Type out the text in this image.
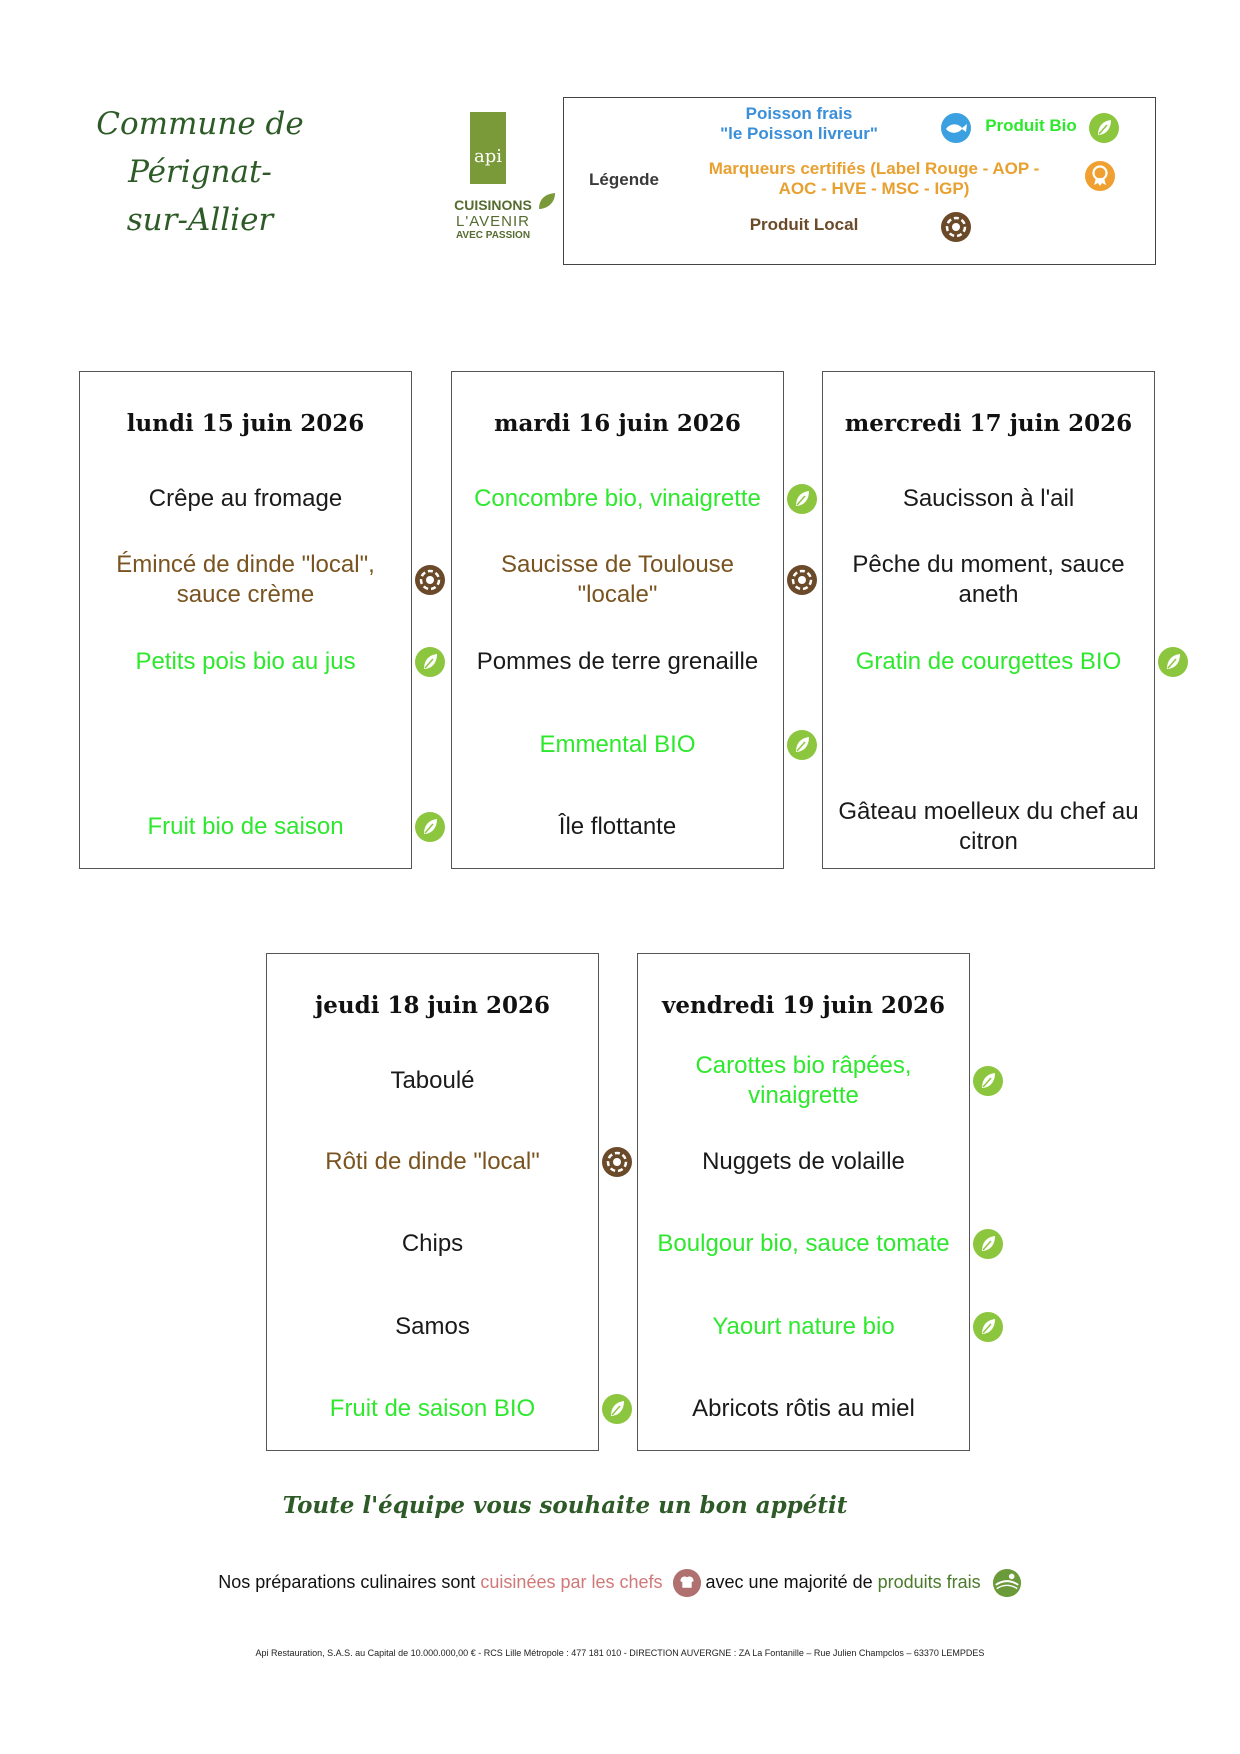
Commune de Pérignat-
sur-Allier
api
CUISINONS
L'AVENIR
AVEC PASSION
Légende
Poisson frais
"le Poisson livreur"	Produit Bio
Marqueurs certifiés (Label Rouge - AOP -
AOC - HVE - MSC - IGP)
Produit Local
lundi 15 juin 2026
Crêpe au fromage
Émincé de dinde "local",
sauce crème
Petits pois bio au jus
Fruit bio de saison
mardi 16 juin 2026
Concombre bio, vinaigrette
Saucisse de Toulouse
"locale"
Pommes de terre grenaille
Emmental BIO
Île flottante
mercredi 17 juin 2026
Saucisson à l'ail
Pêche du moment, sauce
aneth
Gratin de courgettes BIO
Gâteau moelleux du chef au
citron
jeudi 18 juin 2026
Taboulé
Rôti de dinde "local"
Chips
Samos
Fruit de saison BIO
vendredi 19 juin 2026
Carottes bio râpées,
vinaigrette
Nuggets de volaille
Boulgour bio, sauce tomate
Yaourt nature bio
Abricots rôtis au miel
Toute l'équipe vous souhaite un bon appétit
Nos préparations culinaires sont cuisinées par les chefs avec une majorité de produits frais
Api Restauration, S.A.S. au Capital de 10.000.000,00 € - RCS Lille Métropole : 477 181 010 - DIRECTION AUVERGNE : ZA La Fontanille – Rue Julien Champclos – 63370 LEMPDES
